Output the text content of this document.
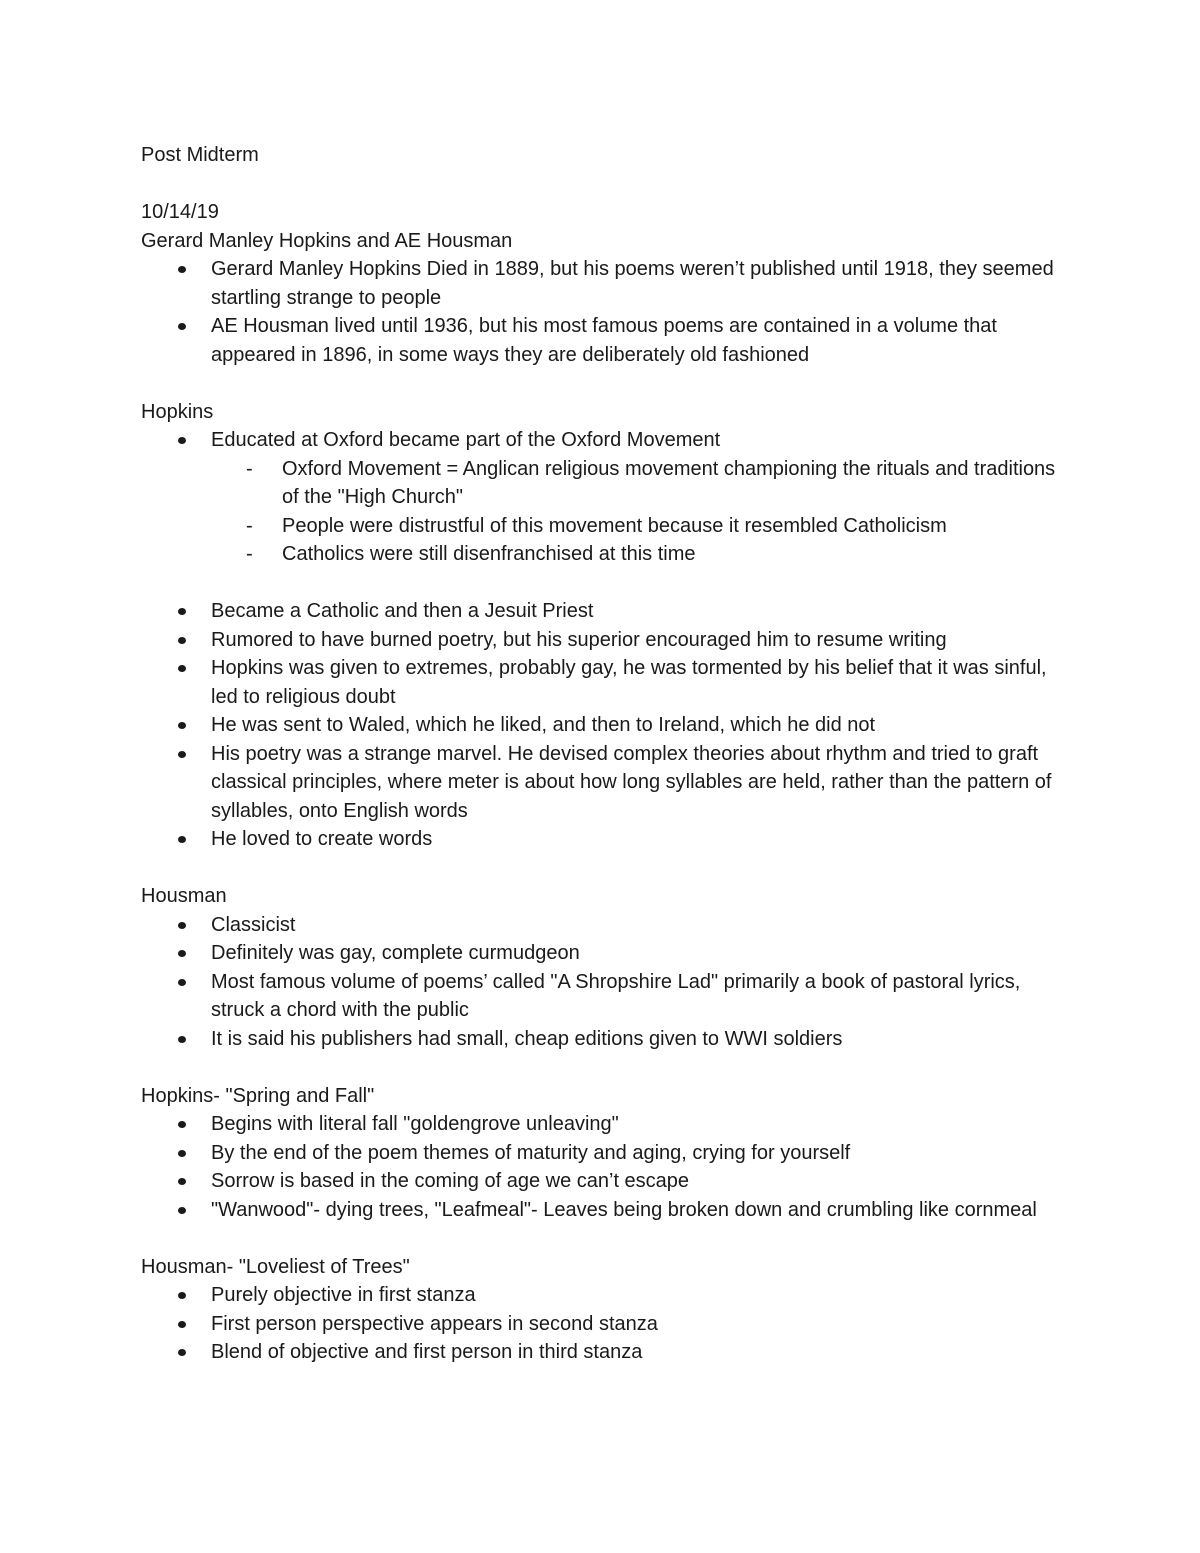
Post Midterm

10/14/19

Gerard Manley Hopkins and AE Housman

Gerard Manley Hopkins Died in 1889, but his poems weren’t published until 1918, they seemed startling strange to people
AE Housman lived until 1936, but his most famous poems are contained in a volume that appeared in 1896, in some ways they are deliberately old fashioned

Hopkins

Educated at Oxford became part of the Oxford Movement
- Oxford Movement = Anglican religious movement championing the rituals and traditions of the "High Church"
- People were distrustful of this movement because it resembled Catholicism
- Catholics were still disenfranchised at this time
Became a Catholic and then a Jesuit Priest
Rumored to have burned poetry, but his superior encouraged him to resume writing
Hopkins was given to extremes, probably gay, he was tormented by his belief that it was sinful, led to religious doubt
He was sent to Waled, which he liked, and then to Ireland, which he did not
His poetry was a strange marvel. He devised complex theories about rhythm and tried to graft classical principles, where meter is about how long syllables are held, rather than the pattern of syllables, onto English words
He loved to create words

Housman

Classicist
Definitely was gay, complete curmudgeon
Most famous volume of poems’ called "A Shropshire Lad" primarily a book of pastoral lyrics, struck a chord with the public
It is said his publishers had small, cheap editions given to WWI soldiers

Hopkins- "Spring and Fall"

Begins with literal fall "goldengrove unleaving"
By the end of the poem themes of maturity and aging, crying for yourself
Sorrow is based in the coming of age we can’t escape
"Wanwood"- dying trees, "Leafmeal"- Leaves being broken down and crumbling like cornmeal

Housman- "Loveliest of Trees"

Purely objective in first stanza
First person perspective appears in second stanza
Blend of objective and first person in third stanza
